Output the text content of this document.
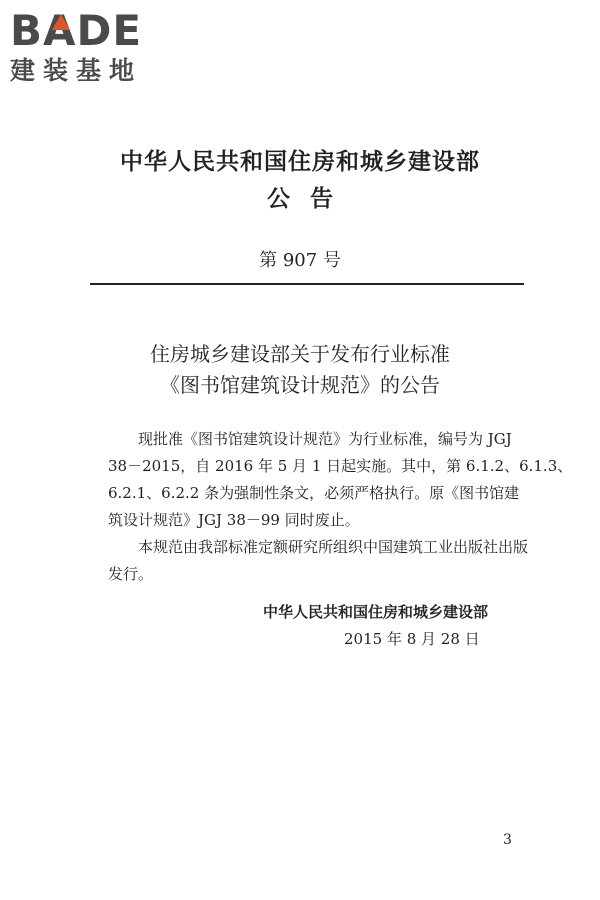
BA
DE
建装基地
中华人民共和国住房和城乡建设部
公告
第 907 号
住房城乡建设部关于发布行业标准
《图书馆建筑设计规范》的公告

现批准《图书馆建筑设计规范》为行业标准，编号为 JGJ
38－2015，自 2016 年 5 月 1 日起实施。其中，第 6.1.2、6.1.3、
6.2.1、6.2.2 条为强制性条文，必须严格执行。原《图书馆建
筑设计规范》JGJ 38－99 同时废止。

本规范由我部标准定额研究所组织中国建筑工业出版社出版
发行。

中华人民共和国住房和城乡建设部
2015 年 8 月 28 日
3
